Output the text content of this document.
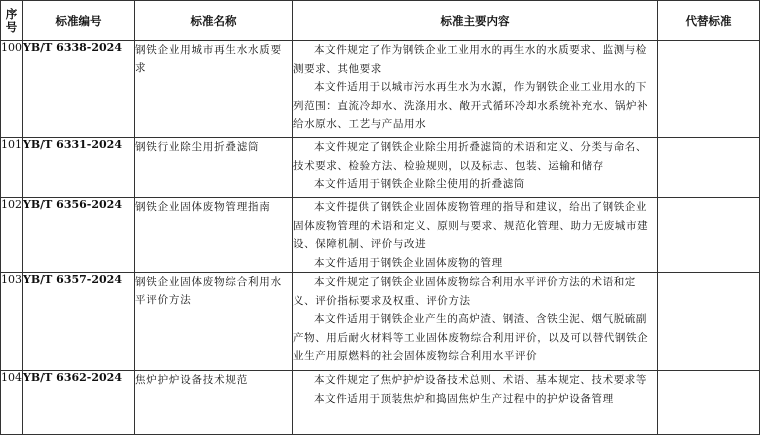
序号	标准编号	标准名称	标准主要内容	代替标准
100	YB/T 6338-2024	钢铁企业用城市再生水水质要求	本文件规定了作为钢铁企业工业用水的再生水的水质要求、监测与检测要求、其他要求

本文件适用于以城市污水再生水为水源，作为钢铁企业工业用水的下列范围：直流冷却水、洗涤用水、敞开式循环冷却水系统补充水、锅炉补给水原水、工艺与产品用水	

101	YB/T 6331-2024	钢铁行业除尘用折叠滤筒	本文件规定了钢铁企业除尘用折叠滤筒的术语和定义、分类与命名、技术要求、检验方法、检验规则，以及标志、包装、运输和储存

本文件适用于钢铁企业除尘使用的折叠滤筒	

102	YB/T 6356-2024	钢铁企业固体废物管理指南	本文件提供了钢铁企业固体废物管理的指导和建议，给出了钢铁企业固体废物管理的术语和定义、原则与要求、规范化管理、助力无废城市建设、保障机制、评价与改进

本文件适用于钢铁企业固体废物的管理	

103	YB/T 6357-2024	钢铁企业固体废物综合利用水平评价方法	本文件规定了钢铁企业固体废物综合利用水平评价方法的术语和定义、评价指标要求及权重、评价方法

本文件适用于钢铁企业产生的高炉渣、钢渣、含铁尘泥、烟气脱硫副产物、用后耐火材料等工业固体废物综合利用评价，以及可以替代钢铁企业生产用原燃料的社会固体废物综合利用水平评价	

104	YB/T 6362-2024	焦炉护炉设备技术规范	本文件规定了焦炉护炉设备技术总则、术语、基本规定、技术要求等

本文件适用于顶装焦炉和捣固焦炉生产过程中的护炉设备管理	
